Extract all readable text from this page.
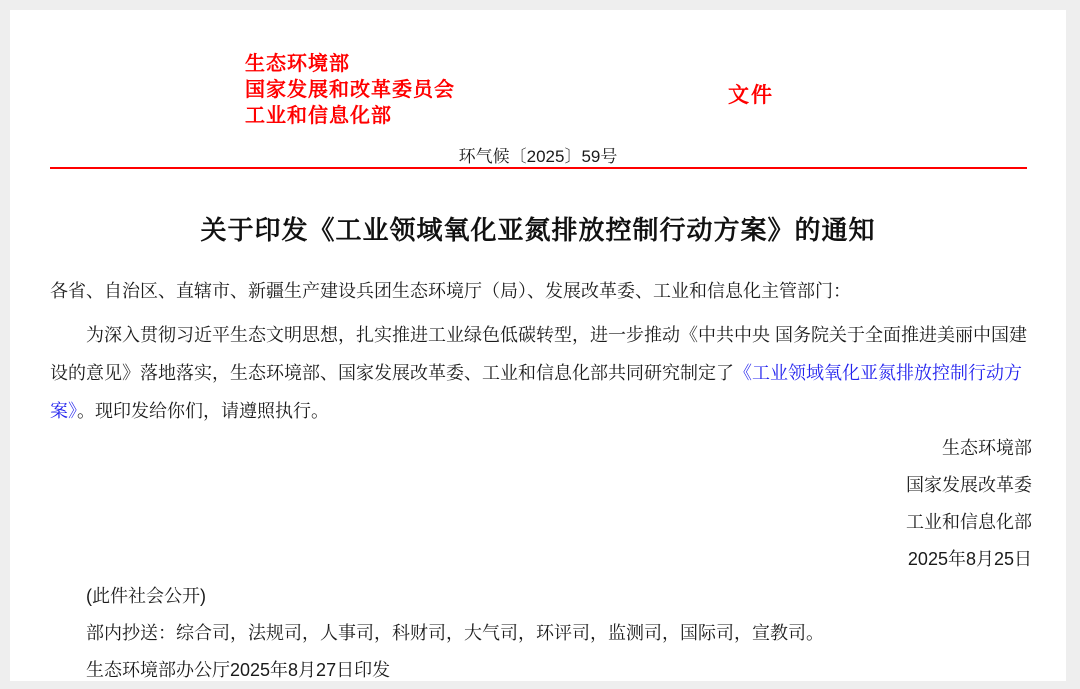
生态环境部
国家发展和改革委员会
工业和信息化部
文件
环气候〔2025〕59号
关于印发《工业领域氧化亚氮排放控制行动方案》的通知

各省、自治区、直辖市、新疆生产建设兵团生态环境厅（局）、发展改革委、工业和信息化主管部门：

为深入贯彻习近平生态文明思想，扎实推进工业绿色低碳转型，进一步推动《中共中央 国务院关于全面推进美丽中国建设的意见》落地落实，生态环境部、国家发展改革委、工业和信息化部共同研究制定了《工业领域氧化亚氮排放控制行动方案》。现印发给你们，请遵照执行。

生态环境部
国家发展改革委
工业和信息化部
2025年8月25日

(此件社会公开)

部内抄送：综合司，法规司，人事司，科财司，大气司，环评司，监测司，国际司，宣教司。

生态环境部办公厅2025年8月27日印发
